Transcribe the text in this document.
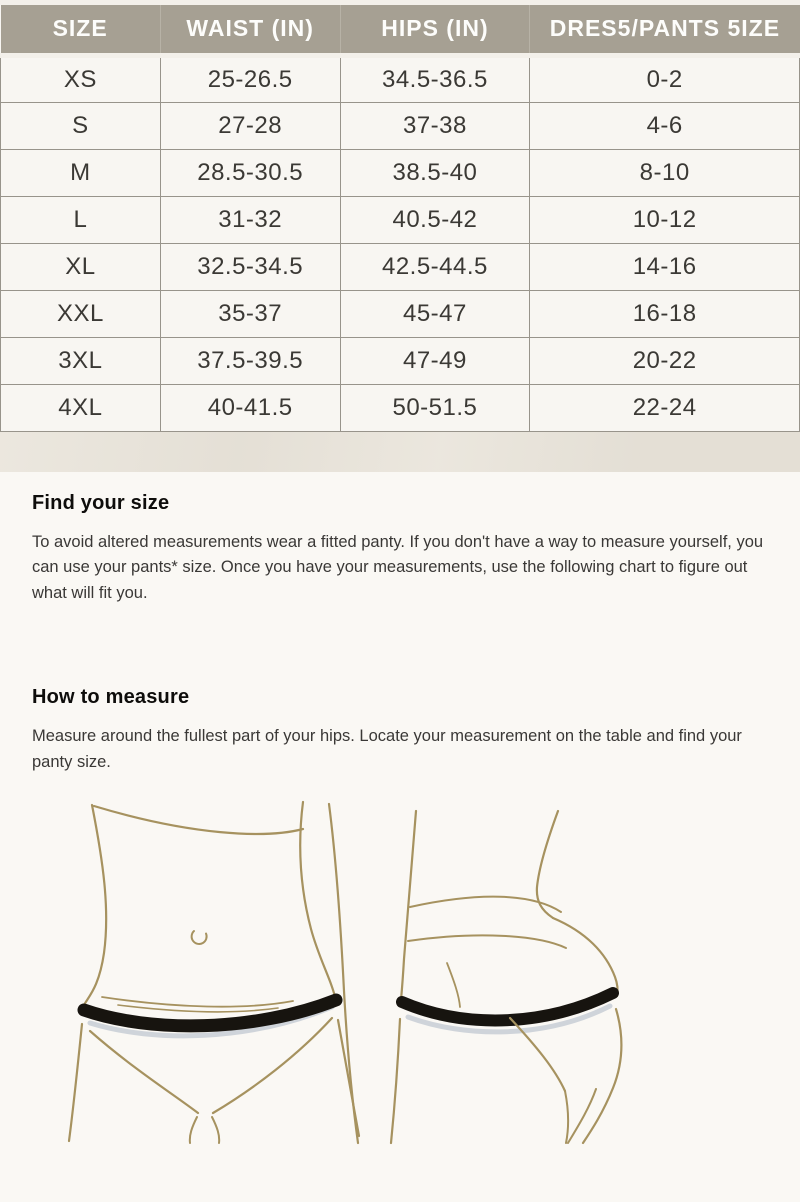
SIZE	WAIST (IN)	HIPS (IN)	DRES5/PANTS 5IZE
XS	25-26.5	34.5-36.5	0-2
S	27-28	37-38	4-6
M	28.5-30.5	38.5-40	8-10
L	31-32	40.5-42	10-12
XL	32.5-34.5	42.5-44.5	14-16
XXL	35-37	45-47	16-18
3XL	37.5-39.5	47-49	20-22
4XL	40-41.5	50-51.5	22-24
Find your size

To avoid altered measurements wear a fitted panty. If you don't have a way to measure yourself, you can use your pants* size. Once you have your measurements, use the following chart to figure out what will fit you.

How to measure

Measure around the fullest part of your hips. Locate your measurement on the table and find your panty size.
